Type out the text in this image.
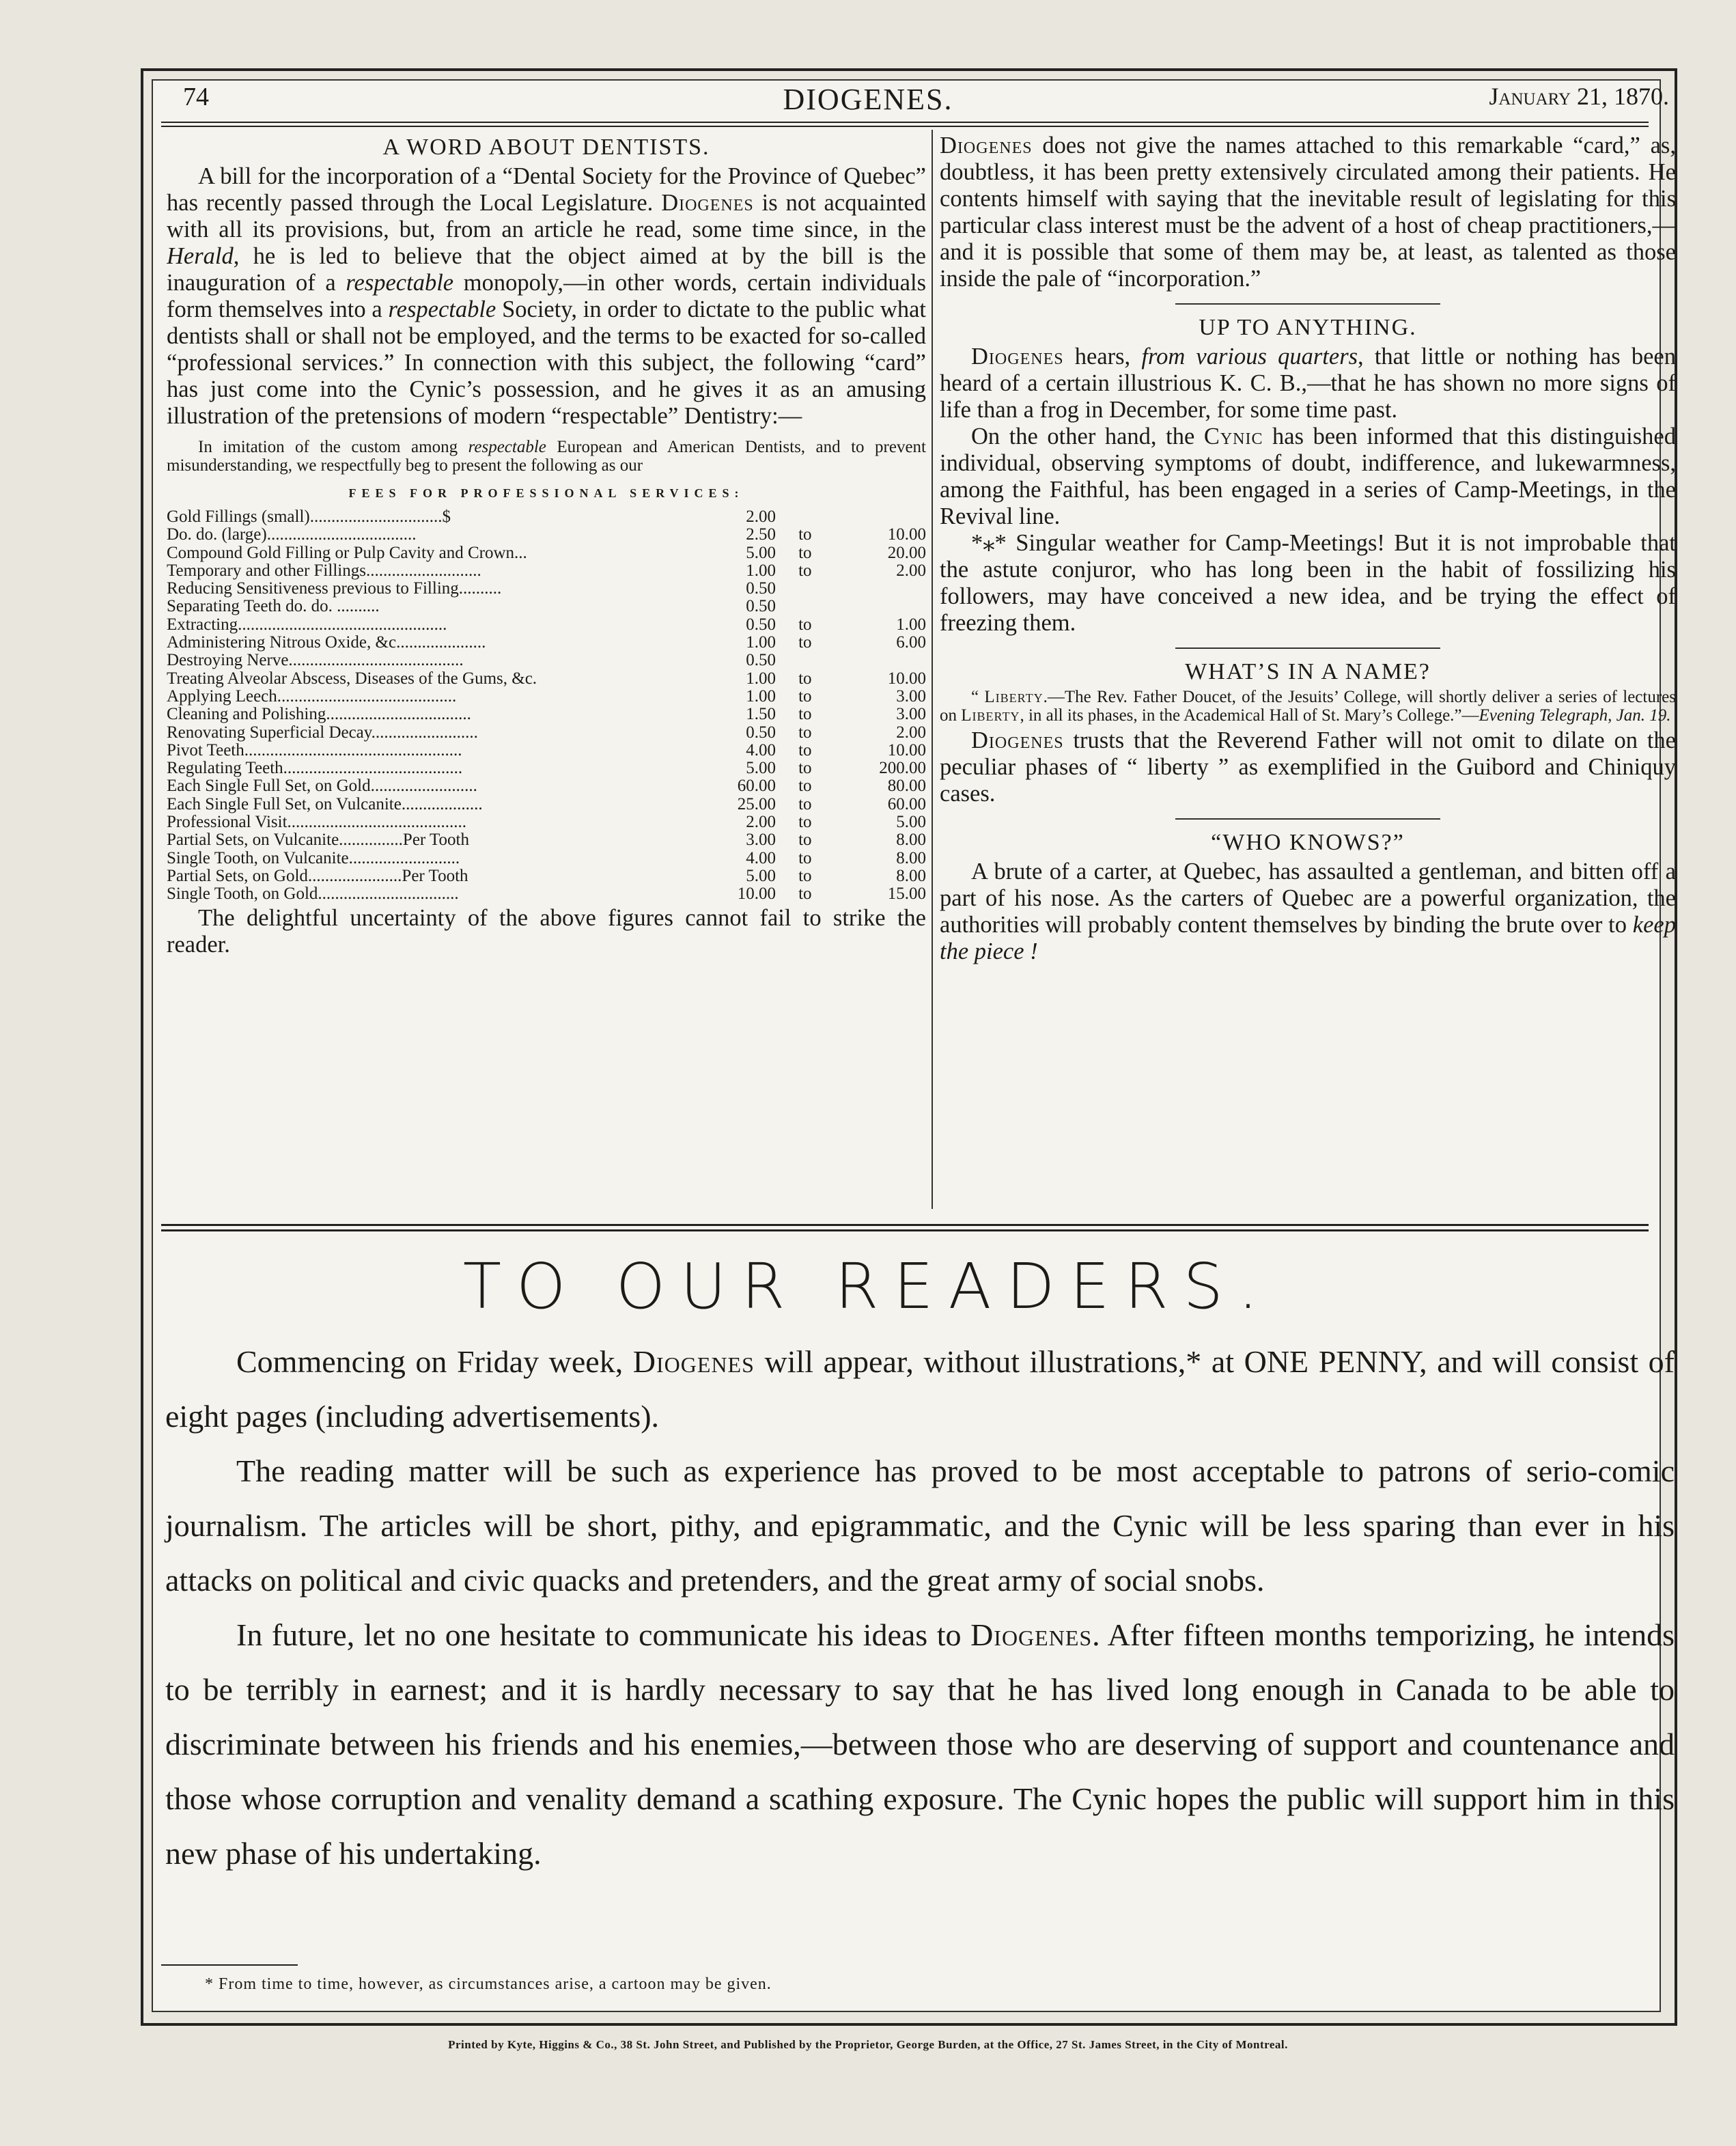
74	DIOGENES.	January 21, 1870.
A WORD ABOUT DENTISTS.

A bill for the incorporation of a “Dental Society for the Province of Quebec” has recently passed through the Local Legislature. Diogenes is not acquainted with all its provisions, but, from an article he read, some time since, in the Herald, he is led to believe that the object aimed at by the bill is the inauguration of a respectable monopoly,—in other words, certain individuals form themselves into a respectable Society, in order to dictate to the public what dentists shall or shall not be employed, and the terms to be exacted for so-called “professional services.” In connection with this subject, the following “card” has just come into the Cynic’s possession, and he gives it as an amusing illustration of the pretensions of modern “respectable” Dentistry:—

In imitation of the custom among respectable European and American Dentists, and to prevent misunderstanding, we respectfully beg to present the following as our

FEES FOR PROFESSIONAL SERVICES:
Gold Fillings (small)...............................$	2.00		
Do. do. (large)...................................	2.50	to	10.00
Compound Gold Filling or Pulp Cavity and Crown...	5.00	to	20.00
Temporary and other Fillings...........................	1.00	to	2.00
Reducing Sensitiveness previous to Filling..........	0.50		
Separating Teeth do. do. ..........	0.50		
Extracting.................................................	0.50	to	1.00
Administering Nitrous Oxide, &c.....................	1.00	to	6.00
Destroying Nerve.........................................	0.50		
Treating Alveolar Abscess, Diseases of the Gums, &c.	1.00	to	10.00
Applying Leech..........................................	1.00	to	3.00
Cleaning and Polishing..................................	1.50	to	3.00
Renovating Superficial Decay.........................	0.50	to	2.00
Pivot Teeth...................................................	4.00	to	10.00
Regulating Teeth..........................................	5.00	to	200.00
Each Single Full Set, on Gold.........................	60.00	to	80.00
Each Single Full Set, on Vulcanite...................	25.00	to	60.00
Professional Visit..........................................	2.00	to	5.00
Partial Sets, on Vulcanite...............Per Tooth	3.00	to	8.00
Single Tooth, on Vulcanite..........................	4.00	to	8.00
Partial Sets, on Gold......................Per Tooth	5.00	to	8.00
Single Tooth, on Gold.................................	10.00	to	15.00

The delightful uncertainty of the above figures cannot fail to strike the reader.

Diogenes does not give the names attached to this remarkable “card,” as, doubtless, it has been pretty extensively circulated among their patients. He contents himself with saying that the inevitable result of legislating for this particular class interest must be the advent of a host of cheap practitioners,—and it is possible that some of them may be, at least, as talented as those inside the pale of “incorporation.”

UP TO ANYTHING.

Diogenes hears, from various quarters, that little or nothing has been heard of a certain illustrious K. C. B.,—that he has shown no more signs of life than a frog in December, for some time past.

On the other hand, the Cynic has been informed that this distinguished individual, observing symptoms of doubt, indifference, and lukewarmness, among the Faithful, has been engaged in a series of Camp-Meetings, in the Revival line.

*⁎* Singular weather for Camp-Meetings! But it is not improbable that the astute conjuror, who has long been in the habit of fossilizing his followers, may have conceived a new idea, and be trying the effect of freezing them.

WHAT’S IN A NAME?

“ Liberty.—The Rev. Father Doucet, of the Jesuits’ College, will shortly deliver a series of lectures on Liberty, in all its phases, in the Academical Hall of St. Mary’s College.”—Evening Telegraph, Jan. 19.

Diogenes trusts that the Reverend Father will not omit to dilate on the peculiar phases of “ liberty ” as exemplified in the Guibord and Chiniquy cases.

“WHO KNOWS?”

A brute of a carter, at Quebec, has assaulted a gentleman, and bitten off a part of his nose. As the carters of Quebec are a powerful organization, the authorities will probably content themselves by binding the brute over to keep the piece !

TO OUR READERS.

Commencing on Friday week, Diogenes will appear, without illustrations,* at ONE PENNY, and will consist of eight pages (including advertisements).

The reading matter will be such as experience has proved to be most acceptable to patrons of serio-comic journalism. The articles will be short, pithy, and epigrammatic, and the Cynic will be less sparing than ever in his attacks on political and civic quacks and pretenders, and the great army of social snobs.

In future, let no one hesitate to communicate his ideas to Diogenes. After fifteen months temporizing, he intends to be terribly in earnest; and it is hardly necessary to say that he has lived long enough in Canada to be able to discriminate between his friends and his enemies,—between those who are deserving of support and countenance and those whose corruption and venality demand a scathing exposure. The Cynic hopes the public will support him in this new phase of his undertaking.

* From time to time, however, as circumstances arise, a cartoon may be given.
Printed by Kyte, Higgins & Co., 38 St. John Street, and Published by the Proprietor, George Burden, at the Office, 27 St. James Street, in the City of Montreal.
